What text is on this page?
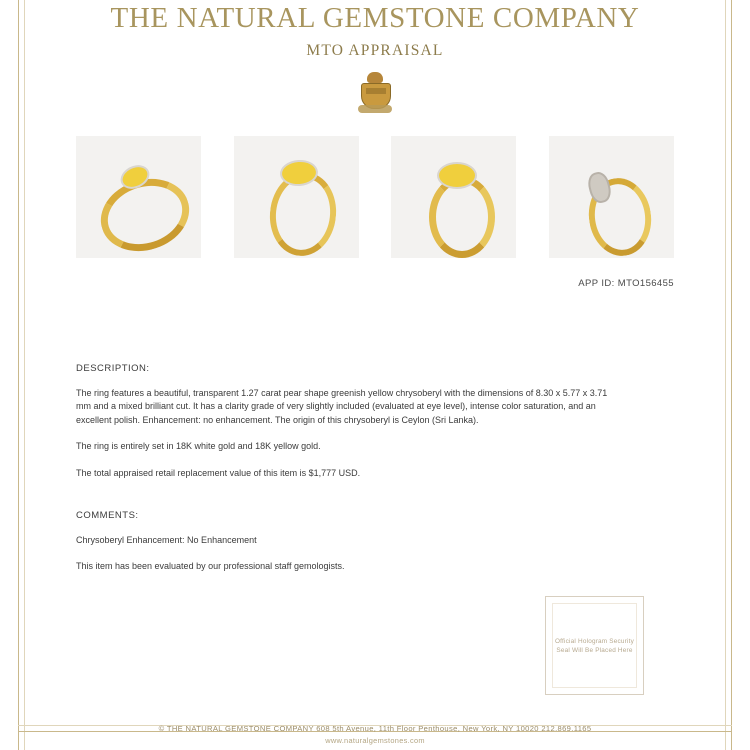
THE NATURAL GEMSTONE COMPANY
MTO APPRAISAL
APP ID: MTO156455
DESCRIPTION:
The ring features a beautiful, transparent 1.27 carat pear shape greenish yellow chrysoberyl with the dimensions of 8.30 x 5.77 x 3.71 mm and a mixed brilliant cut. It has a clarity grade of very slightly included (evaluated at eye level), intense color saturation, and an excellent polish. Enhancement: no enhancement. The origin of this chrysoberyl is Ceylon (Sri Lanka).
The ring is entirely set in 18K white gold and 18K yellow gold.
The total appraised retail replacement value of this item is $1,777 USD.
COMMENTS:
Chrysoberyl Enhancement: No Enhancement
This item has been evaluated by our professional staff gemologists.
Official Hologram Security Seal Will Be Placed Here
© THE NATURAL GEMSTONE COMPANY 608 5th Avenue, 11th Floor Penthouse, New York, NY 10020 212.869.1165
www.naturalgemstones.com
